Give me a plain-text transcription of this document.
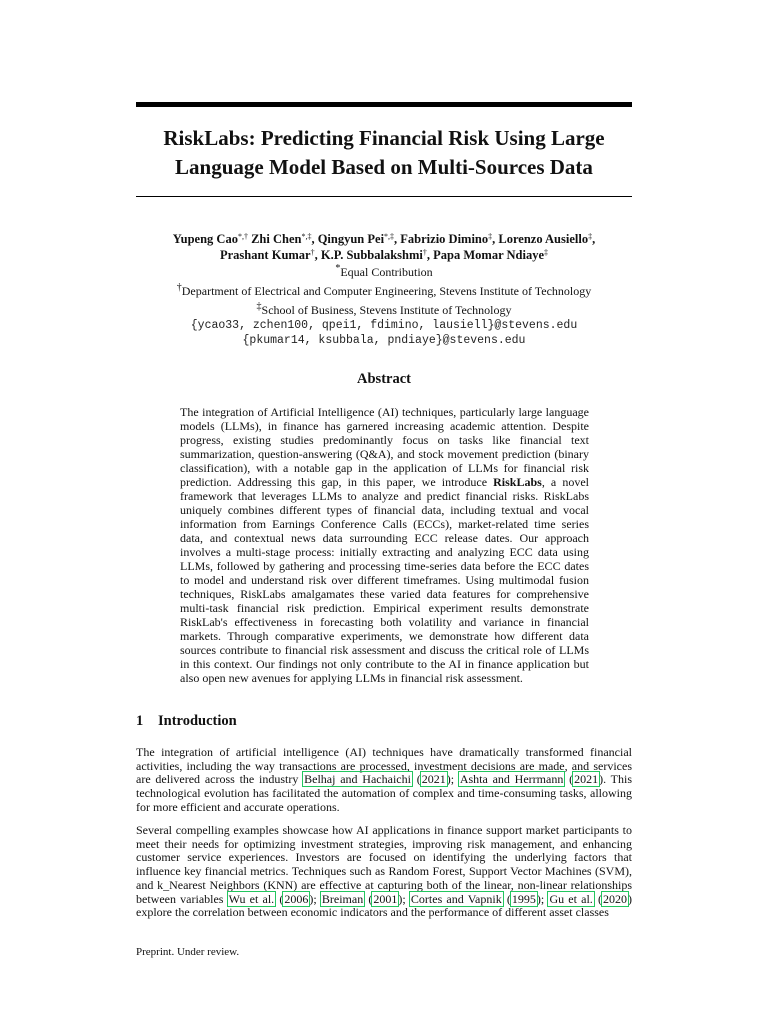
RiskLabs: Predicting Financial Risk Using Large
Language Model Based on Multi-Sources Data
Yupeng Cao*,† Zhi Chen*,‡, Qingyun Pei*,‡, Fabrizio Dimino‡, Lorenzo Ausiello‡,
Prashant Kumar†, K.P. Subbalakshmi†, Papa Momar Ndiaye‡
*Equal Contribution
†Department of Electrical and Computer Engineering, Stevens Institute of Technology
‡School of Business, Stevens Institute of Technology
{ycao33, zchen100, qpei1, fdimino, lausiell}@stevens.edu
{pkumar14, ksubbala, pndiaye}@stevens.edu
Abstract

The integration of Artificial Intelligence (AI) techniques, particularly large language models (LLMs), in finance has garnered increasing academic attention. Despite progress, existing studies predominantly focus on tasks like financial text summarization, question-answering (Q&A), and stock movement prediction (binary classification), with a notable gap in the application of LLMs for financial risk prediction. Addressing this gap, in this paper, we introduce RiskLabs, a novel framework that leverages LLMs to analyze and predict financial risks. RiskLabs uniquely combines different types of financial data, including textual and vocal information from Earnings Conference Calls (ECCs), market-related time series data, and contextual news data surrounding ECC release dates. Our approach involves a multi-stage process: initially extracting and analyzing ECC data using LLMs, followed by gathering and processing time-series data before the ECC dates to model and understand risk over different timeframes. Using multimodal fusion techniques, RiskLabs amalgamates these varied data features for comprehensive multi-task financial risk prediction. Empirical experiment results demonstrate RiskLab's effectiveness in forecasting both volatility and variance in financial markets. Through comparative experiments, we demonstrate how different data sources contribute to financial risk assessment and discuss the critical role of LLMs in this context. Our findings not only contribute to the AI in finance application but also open new avenues for applying LLMs in financial risk assessment.

1 Introduction

The integration of artificial intelligence (AI) techniques have dramatically transformed financial activities, including the way transactions are processed, investment decisions are made, and services are delivered across the industry Belhaj and Hachaichi (2021); Ashta and Herrmann (2021). This technological evolution has facilitated the automation of complex and time-consuming tasks, allowing for more efficient and accurate operations.

Several compelling examples showcase how AI applications in finance support market participants to meet their needs for optimizing investment strategies, improving risk management, and enhancing customer service experiences. Investors are focused on identifying the underlying factors that influence key financial metrics. Techniques such as Random Forest, Support Vector Machines (SVM), and k_Nearest Neighbors (KNN) are effective at capturing both of the linear, non-linear relationships between variables Wu et al. (2006); Breiman (2001); Cortes and Vapnik (1995); Gu et al. (2020) explore the correlation between economic indicators and the performance of different asset classes

Preprint. Under review.
